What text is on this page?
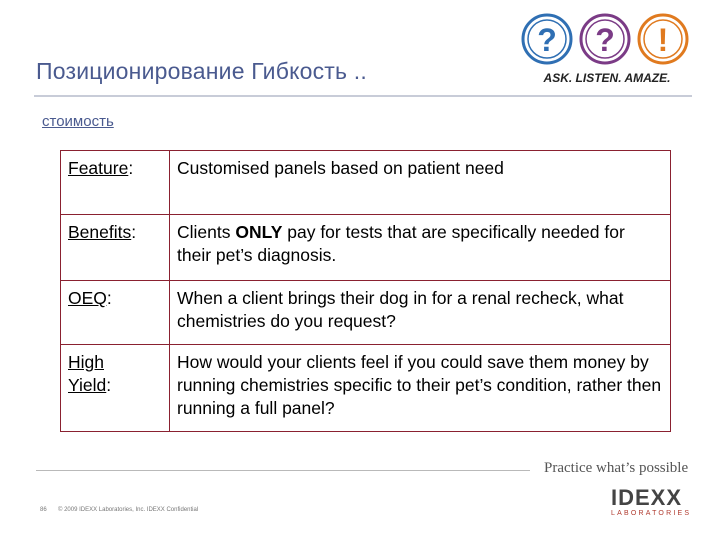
Позиционирование Гибкость ..
стоимость
? ? !
ASK. LISTEN. AMAZE.
Feature:	Customised panels based on patient need
Benefits:	Clients ONLY pay for tests that are specifically needed for their pet’s diagnosis.
OEQ:	When a client brings their dog in for a renal recheck, what chemistries do you request?
High
Yield:	How would your clients feel if you could save them money by running chemistries specific to their pet’s condition, rather then running a full panel?
Practice what’s possible
86 © 2009 IDEXX Laboratories, Inc. IDEXX Confidential	IDEXX
LABORATORIES
